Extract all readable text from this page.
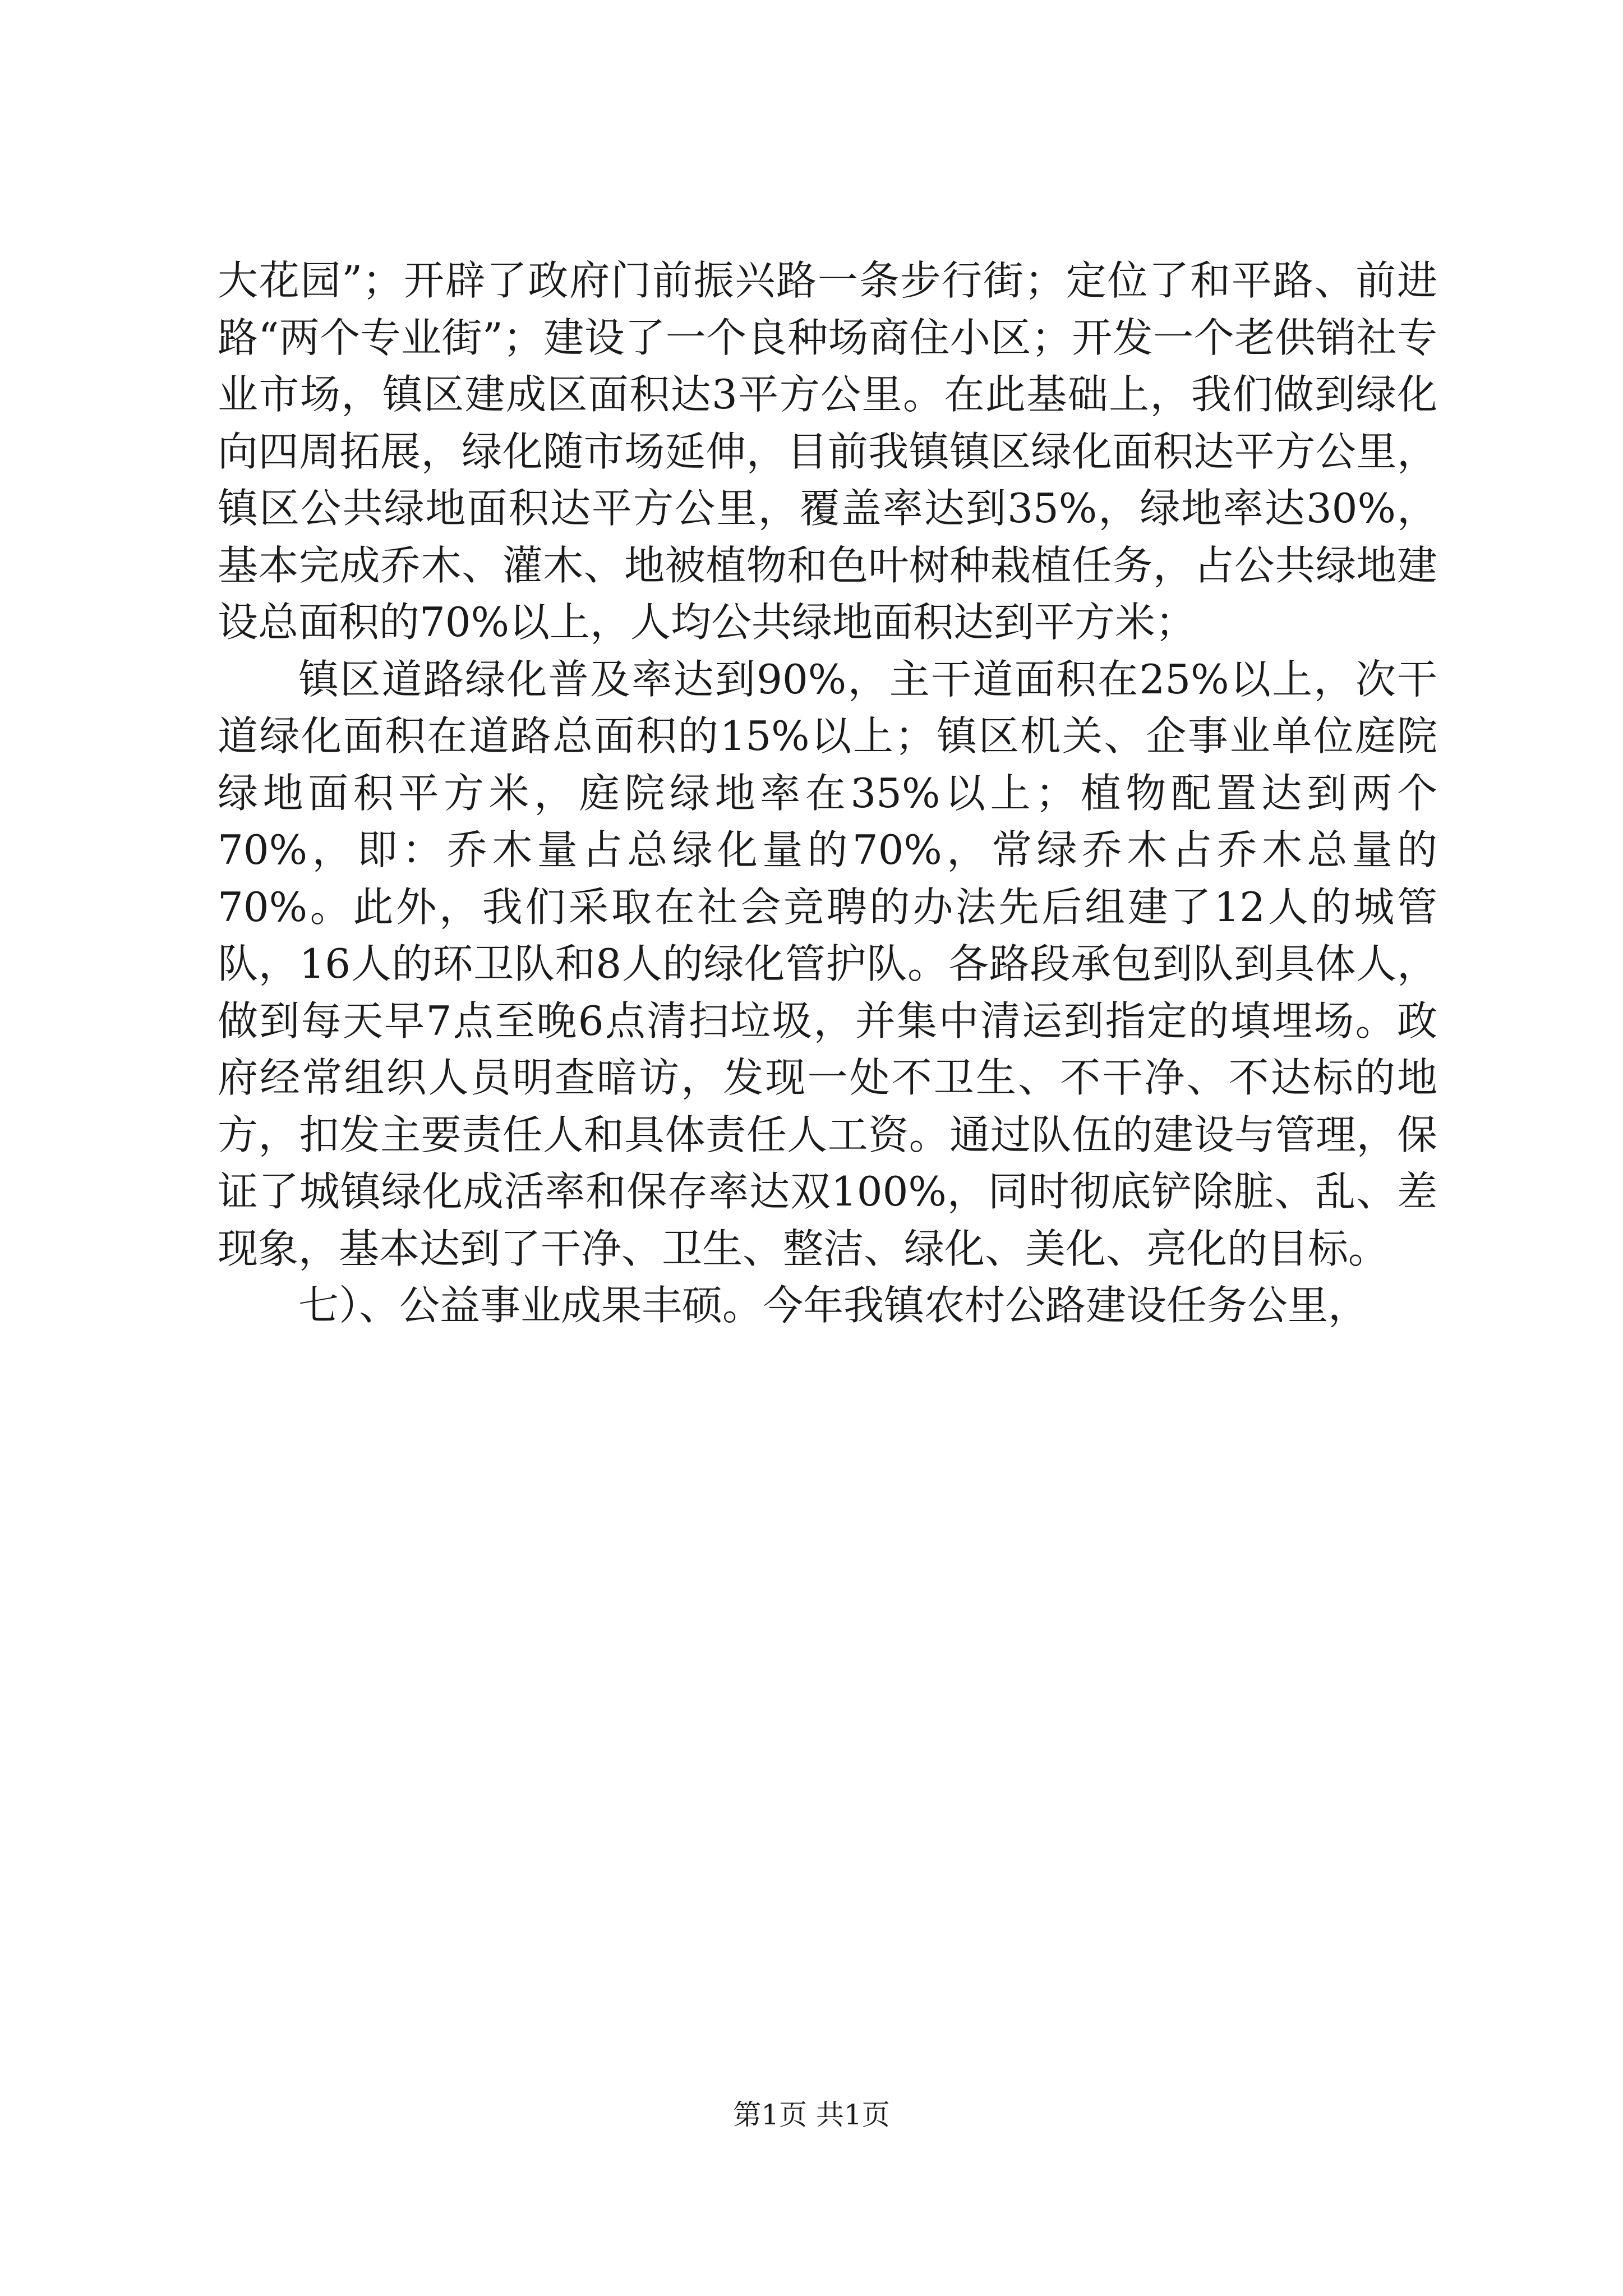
大花园”；开辟了政府门前振兴路一条步行街；定位了和平路、前进路“两个专业街”；建设了一个良种场商住小区；开发一个老供销社专业市场，镇区建成区面积达3平方公里。在此基础上，我们做到绿化向四周拓展，绿化随市场延伸，目前我镇镇区绿化面积达平方公里，镇区公共绿地面积达平方公里，覆盖率达到35%，绿地率达30%，基本完成乔木、灌木、地被植物和色叶树种栽植任务，占公共绿地建设总面积的70%以上，人均公共绿地面积达到平方米；

镇区道路绿化普及率达到90%，主干道面积在25%以上，次干道绿化面积在道路总面积的15%以上；镇区机关、企事业单位庭院绿地面积平方米，庭院绿地率在35%以上；植物配置达到两个70%，即：乔木量占总绿化量的70%，常绿乔木占乔木总量的70%。此外，我们采取在社会竞聘的办法先后组建了12人的城管队，16人的环卫队和8人的绿化管护队。各路段承包到队到具体人，做到每天早7点至晚6点清扫垃圾，并集中清运到指定的填埋场。政府经常组织人员明查暗访，发现一处不卫生、不干净、不达标的地方，扣发主要责任人和具体责任人工资。通过队伍的建设与管理，保证了城镇绿化成活率和保存率达双100%，同时彻底铲除脏、乱、差现象，基本达到了干净、卫生、整洁、绿化、美化、亮化的目标。

七）、公益事业成果丰硕。今年我镇农村公路建设任务公里，

第1页 共1页
